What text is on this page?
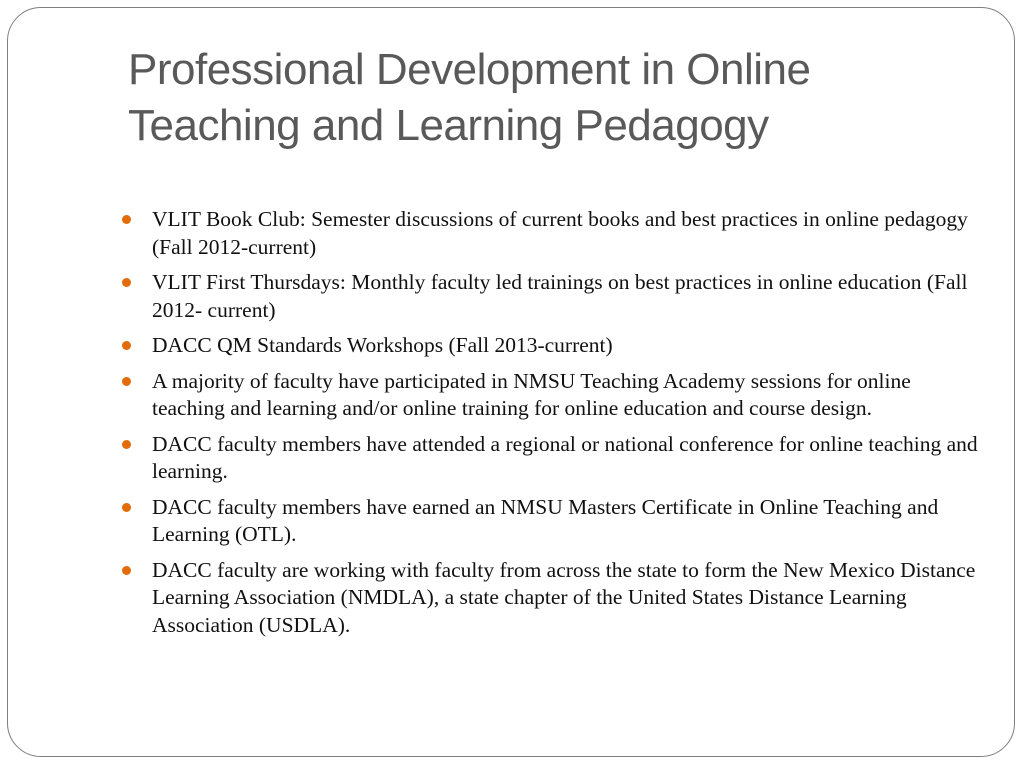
Professional Development in Online
Teaching and Learning Pedagogy
VLIT Book Club: Semester discussions of current books and best practices in online pedagogy (Fall 2012-current)
VLIT First Thursdays: Monthly faculty led trainings on best practices in online education (Fall 2012- current)
DACC QM Standards Workshops (Fall 2013-current)
A majority of faculty have participated in NMSU Teaching Academy sessions for online teaching and learning and/or online training for online education and course design.
DACC faculty members have attended a regional or national conference for online teaching and learning.
DACC faculty members have earned an NMSU Masters Certificate in Online Teaching and Learning (OTL).
DACC faculty are working with faculty from across the state to form the New Mexico Distance Learning Association (NMDLA), a state chapter of the United States Distance Learning Association (USDLA).
